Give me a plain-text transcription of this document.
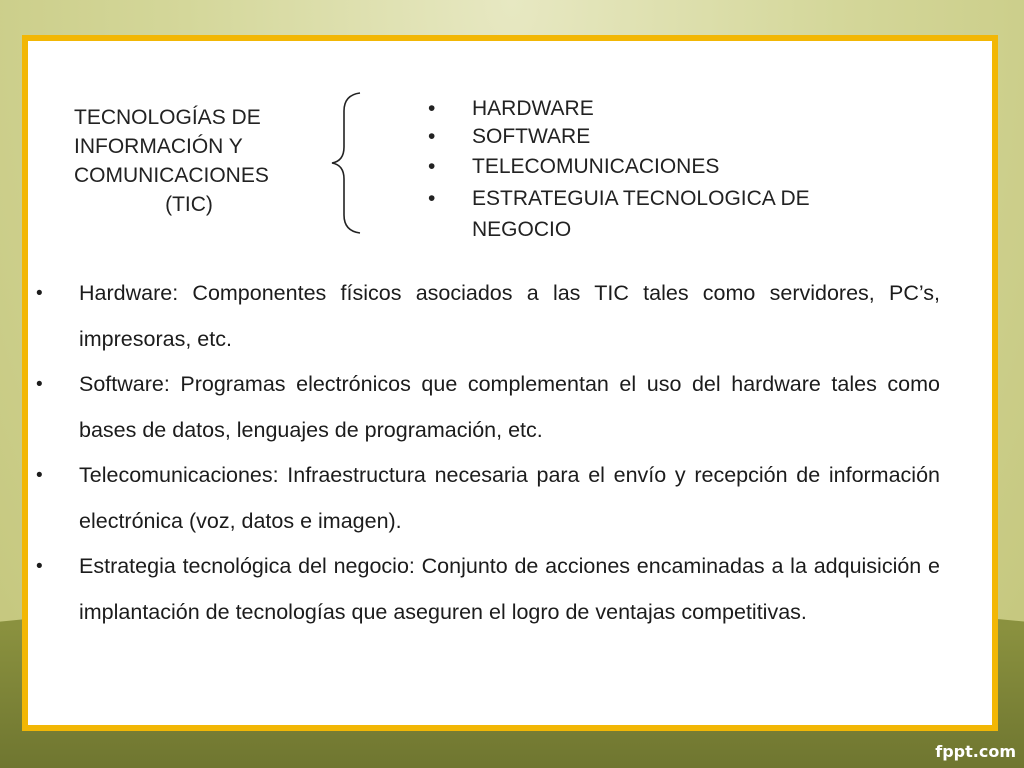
TECNOLOGÍAS DE
INFORMACIÓN Y
COMUNICACIONES
(TIC)
• HARDWARE
• SOFTWARE
• TELECOMUNICACIONES
• ESTRATEGUIA TECNOLOGICA DE NEGOCIO
• Hardware: Componentes físicos asociados a las TIC tales como servidores, PC’s, impresoras, etc.
• Software: Programas electrónicos que complementan el uso del hardware tales como bases de datos, lenguajes de programación, etc.
• Telecomunicaciones: Infraestructura necesaria para el envío y recepción de información electrónica (voz, datos e imagen).
• Estrategia tecnológica del negocio: Conjunto de acciones encaminadas a la adquisición e implantación de tecnologías que aseguren el logro de ventajas competitivas.
fppt.com
